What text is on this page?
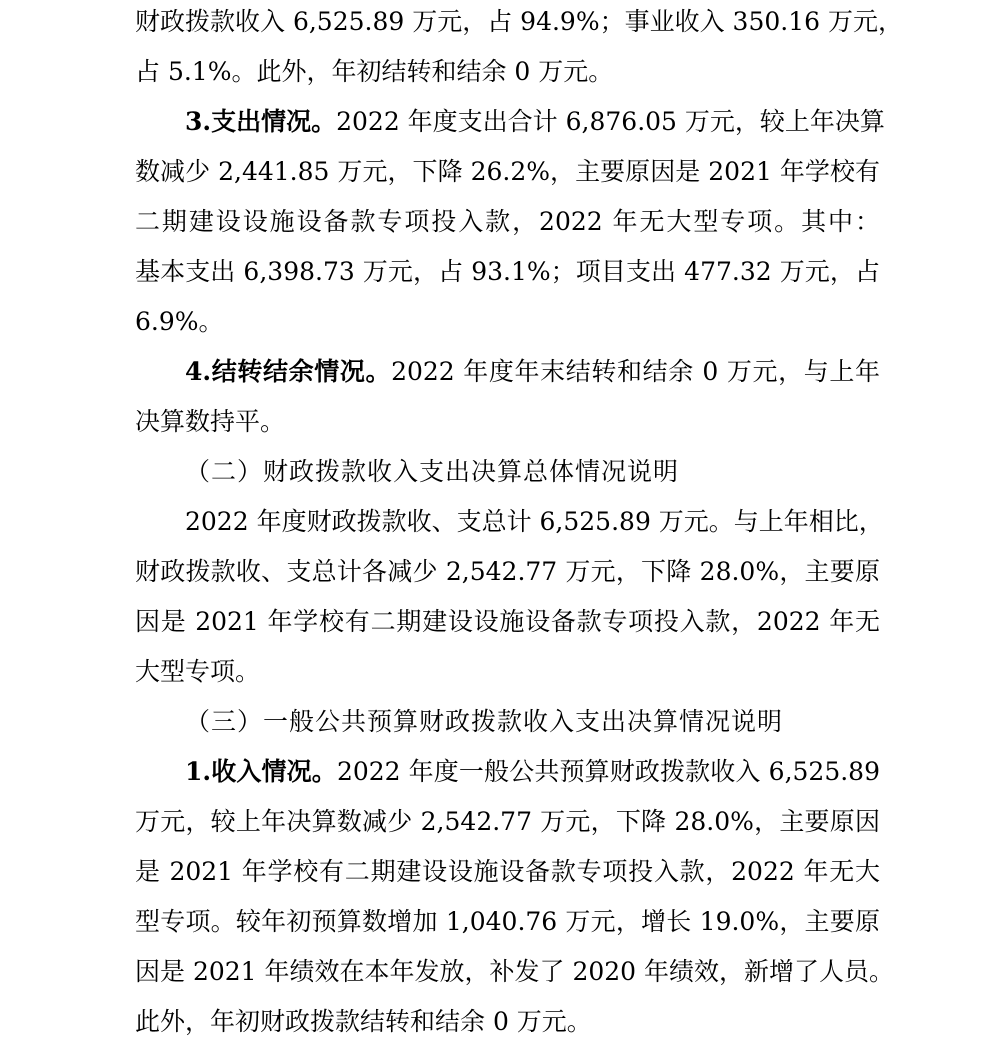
财政拨款收入 6,525.89 万元，占 94.9%；事业收入 350.16 万元，
占 5.1%。此外，年初结转和结余 0 万元。
3.支出情况。2022 年度支出合计 6,876.05 万元，较上年决算
数减少 2,441.85 万元，下降 26.2%，主要原因是 2021 年学校有
二期建设设施设备款专项投入款，2022 年无大型专项。其中：
基本支出 6,398.73 万元，占 93.1%；项目支出 477.32 万元，占
6.9%。
4.结转结余情况。2022 年度年末结转和结余 0 万元，与上年
决算数持平。
（二）财政拨款收入支出决算总体情况说明
2022 年度财政拨款收、支总计 6,525.89 万元。与上年相比，
财政拨款收、支总计各减少 2,542.77 万元，下降 28.0%，主要原
因是 2021 年学校有二期建设设施设备款专项投入款，2022 年无
大型专项。
（三）一般公共预算财政拨款收入支出决算情况说明
1.收入情况。2022 年度一般公共预算财政拨款收入 6,525.89
万元，较上年决算数减少 2,542.77 万元，下降 28.0%，主要原因
是 2021 年学校有二期建设设施设备款专项投入款，2022 年无大
型专项。较年初预算数增加 1,040.76 万元，增长 19.0%，主要原
因是 2021 年绩效在本年发放，补发了 2020 年绩效，新增了人员。
此外，年初财政拨款结转和结余 0 万元。
